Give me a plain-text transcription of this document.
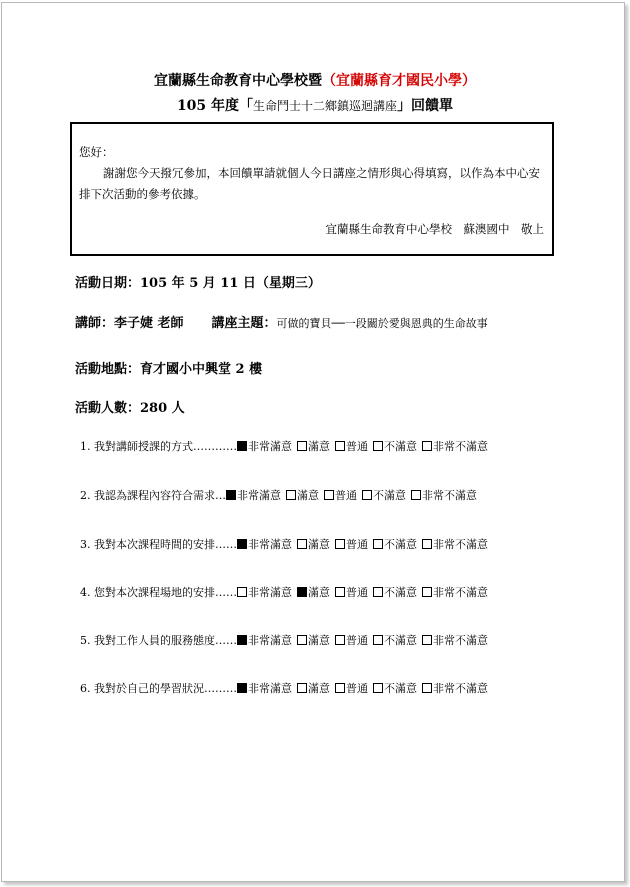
宜蘭縣生命教育中心學校暨（宜蘭縣育才國民小學）
105 年度「生命鬥士十二鄉鎮巡迴講座」回饋單
您好：
謝謝您今天撥冗參加，本回饋單請就個人今日講座之情形與心得填寫，以作為本中心安排下次活動的參考依據。
宜蘭縣生命教育中心學校　蘇澳國中　敬上
活動日期：105 年 5 月 11 日（星期三）
講師：李子婕 老師 講座主題：可做的寶貝──一段關於愛與恩典的生命故事
活動地點：育才國小中興堂 2 樓
活動人數：280 人
1. 我對講師授課的方式………… 非常滿意 滿意 普通 不滿意 非常不滿意
2. 我認為課程內容符合需求… 非常滿意 滿意 普通 不滿意 非常不滿意
3. 我對本次課程時間的安排…… 非常滿意 滿意 普通 不滿意 非常不滿意
4. 您對本次課程場地的安排…… 非常滿意 滿意 普通 不滿意 非常不滿意
5. 我對工作人員的服務態度…… 非常滿意 滿意 普通 不滿意 非常不滿意
6. 我對於自己的學習狀況……… 非常滿意 滿意 普通 不滿意 非常不滿意
